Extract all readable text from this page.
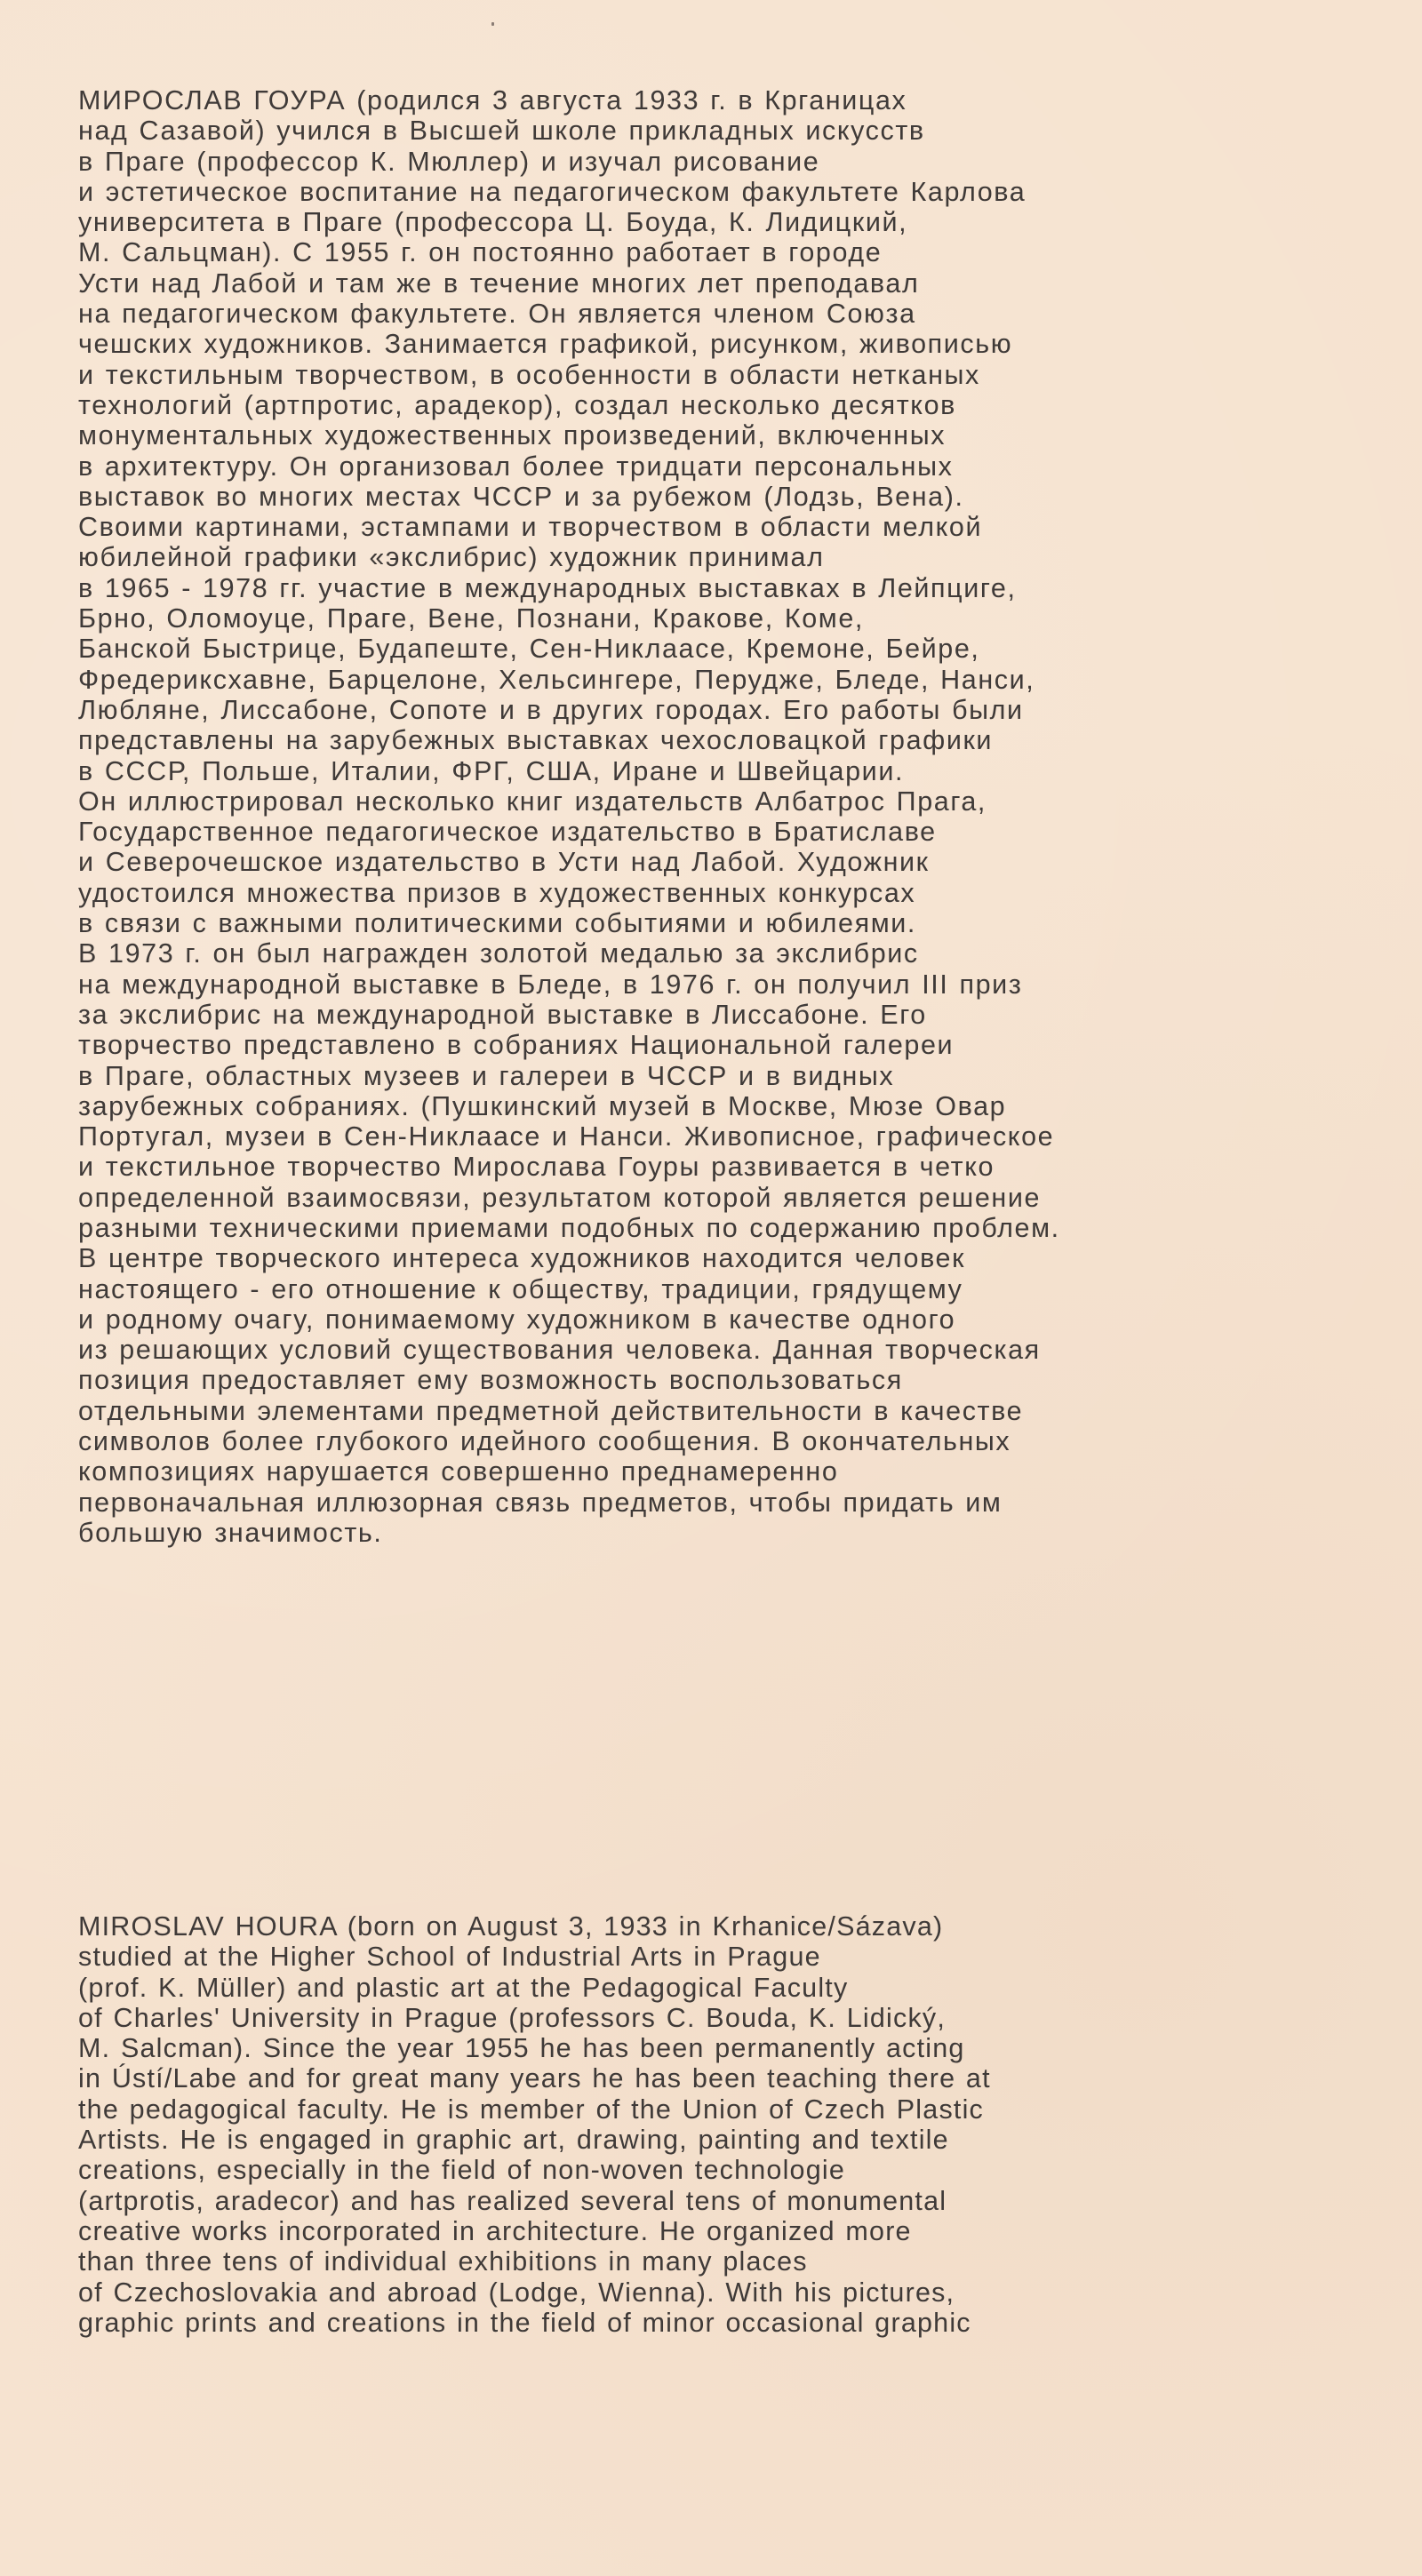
МИРОСЛАВ ГОУРА (родился 3 августа 1933 г. в Крганицах
над Сазавой) учился в Высшей школе прикладных искусств
в Праге (профессор К. Мюллер) и изучал рисование
и эстетическое воспитание на педагогическом факультете Карлова
университета в Праге (профессора Ц. Боуда, К. Лидицкий,
М. Сальцман). С 1955 г. он постоянно работает в городе
Усти над Лабой и там же в течение многих лет преподавал
на педагогическом факультете. Он является членом Союза
чешских художников. Занимается графикой, рисунком, живописью
и текстильным творчеством, в особенности в области нетканых
технологий (артпротис, арадекор), создал несколько десятков
монументальных художественных произведений, включенных
в архитектуру. Он организовал более тридцати персональных
выставок во многих местах ЧССР и за рубежом (Лодзь, Вена).
Своими картинами, эстампами и творчеством в области мелкой
юбилейной графики «экслибрис) художник принимал
в 1965 - 1978 гг. участие в международных выставках в Лейпциге,
Брно, Оломоуце, Праге, Вене, Познани, Кракове, Коме,
Банской Быстрице, Будапеште, Сен-Никлаасе, Кремоне, Бейре,
Фредериксхавне, Барцелоне, Хельсингере, Перудже, Бледе, Нанси,
Любляне, Лиссабоне, Сопоте и в других городах. Его работы были
представлены на зарубежных выставках чехословацкой графики
в СССР, Польше, Италии, ФРГ, США, Иране и Швейцарии.
Он иллюстрировал несколько книг издательств Албатрос Прага,
Государственное педагогическое издательство в Братиславе
и Северочешское издательство в Усти над Лабой. Художник
удостоился множества призов в художественных конкурсах
в связи с важными политическими событиями и юбилеями.
В 1973 г. он был награжден золотой медалью за экслибрис
на международной выставке в Бледе, в 1976 г. он получил III приз
за экслибрис на международной выставке в Лиссабоне. Его
творчество представлено в собраниях Национальной галереи
в Праге, областных музеев и галереи в ЧССР и в видных
зарубежных собраниях. (Пушкинский музей в Москве, Мюзе Овар
Португал, музеи в Сен-Никлаасе и Нанси. Живописное, графическое
и текстильное творчество Мирослава Гоуры развивается в четко
определенной взаимосвязи, результатом которой является решение
разными техническими приемами подобных по содержанию проблем.
В центре творческого интереса художников находится человек
настоящего - его отношение к обществу, традиции, грядущему
и родному очагу, понимаемому художником в качестве одного
из решающих условий существования человека. Данная творческая
позиция предоставляет ему возможность воспользоваться
отдельными элементами предметной действительности в качестве
символов более глубокого идейного сообщения. В окончательных
композициях нарушается совершенно преднамеренно
первоначальная иллюзорная связь предметов, чтобы придать им
большую значимость.
MIROSLAV HOURA (born on August 3, 1933 in Krhanice/Sázava)
studied at the Higher School of Industrial Arts in Prague
(prof. K. Müller) and plastic art at the Pedagogical Faculty
of Charles' University in Prague (professors C. Bouda, K. Lidický,
M. Salcman). Since the year 1955 he has been permanently acting
in Ústí/Labe and for great many years he has been teaching there at
the pedagogical faculty. He is member of the Union of Czech Plastic
Artists. He is engaged in graphic art, drawing, painting and textile
creations, especially in the field of non-woven technologie
(artprotis, aradecor) and has realized several tens of monumental
creative works incorporated in architecture. He organized more
than three tens of individual exhibitions in many places
of Czechoslovakia and abroad (Lodge, Wienna). With his pictures,
graphic prints and creations in the field of minor occasional graphic
